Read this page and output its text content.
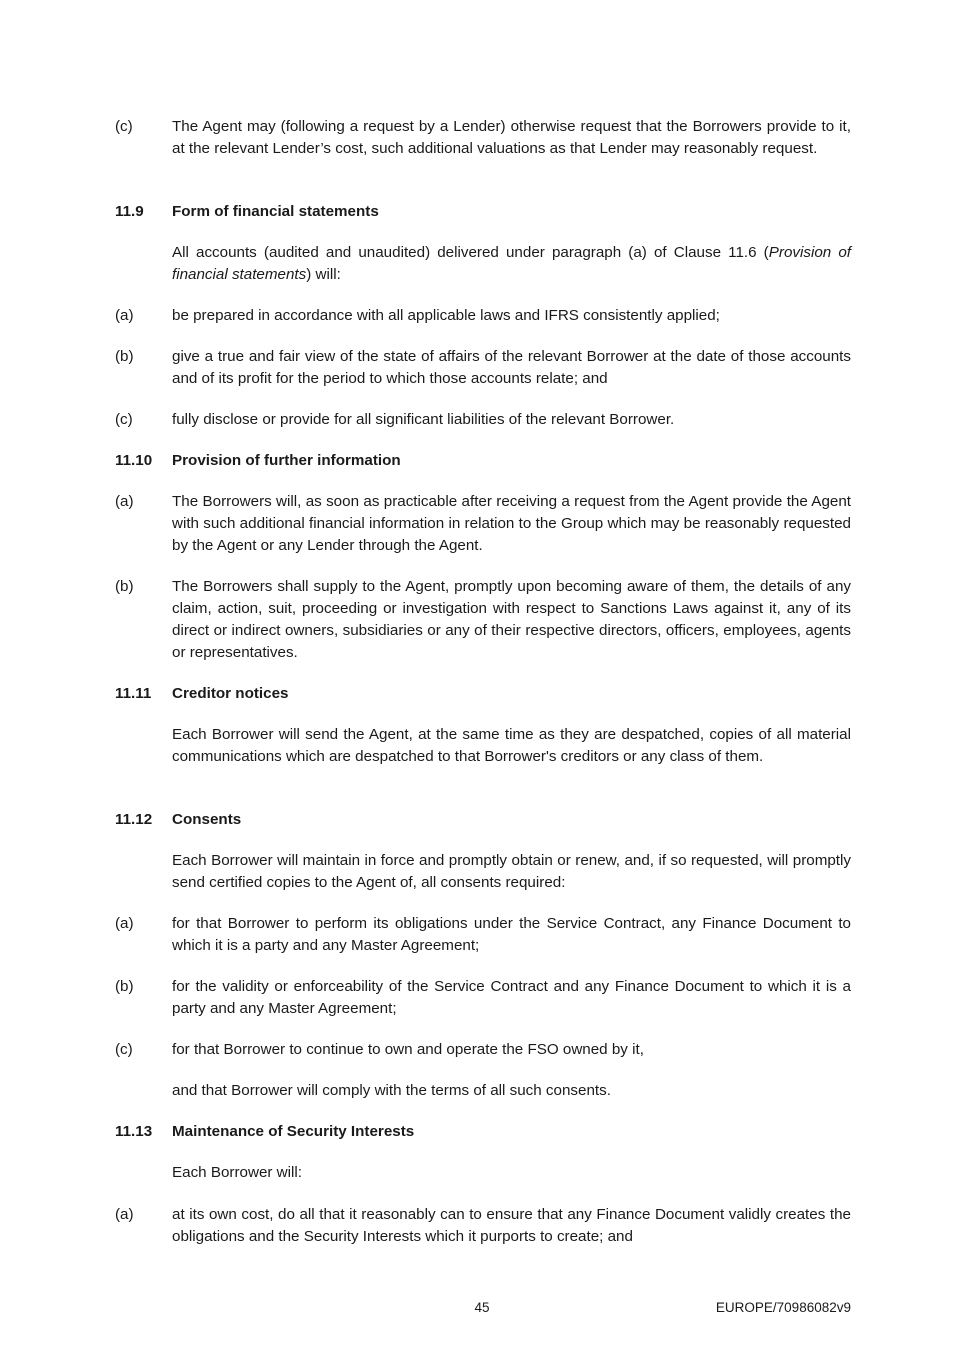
(c)	The Agent may (following a request by a Lender) otherwise request that the Borrowers provide to it, at the relevant Lender’s cost, such additional valuations as that Lender may reasonably request.
11.9	Form of financial statements
All accounts (audited and unaudited) delivered under paragraph (a) of Clause 11.6 (Provision of financial statements) will:
(a)	be prepared in accordance with all applicable laws and IFRS consistently applied;
(b)	give a true and fair view of the state of affairs of the relevant Borrower at the date of those accounts and of its profit for the period to which those accounts relate; and
(c)	fully disclose or provide for all significant liabilities of the relevant Borrower.
11.10	Provision of further information
(a)	The Borrowers will, as soon as practicable after receiving a request from the Agent provide the Agent with such additional financial information in relation to the Group which may be reasonably requested by the Agent or any Lender through the Agent.
(b)	The Borrowers shall supply to the Agent, promptly upon becoming aware of them, the details of any claim, action, suit, proceeding or investigation with respect to Sanctions Laws against it, any of its direct or indirect owners, subsidiaries or any of their respective directors, officers, employees, agents or representatives.
11.11	Creditor notices
Each Borrower will send the Agent, at the same time as they are despatched, copies of all material communications which are despatched to that Borrower's creditors or any class of them.
11.12	Consents
Each Borrower will maintain in force and promptly obtain or renew, and, if so requested, will promptly send certified copies to the Agent of, all consents required:
(a)	for that Borrower to perform its obligations under the Service Contract, any Finance Document to which it is a party and any Master Agreement;
(b)	for the validity or enforceability of the Service Contract and any Finance Document to which it is a party and any Master Agreement;
(c)	for that Borrower to continue to own and operate the FSO owned by it,
and that Borrower will comply with the terms of all such consents.
11.13	Maintenance of Security Interests
Each Borrower will:
(a)	at its own cost, do all that it reasonably can to ensure that any Finance Document validly creates the obligations and the Security Interests which it purports to create; and
45	EUROPE/70986082v9
